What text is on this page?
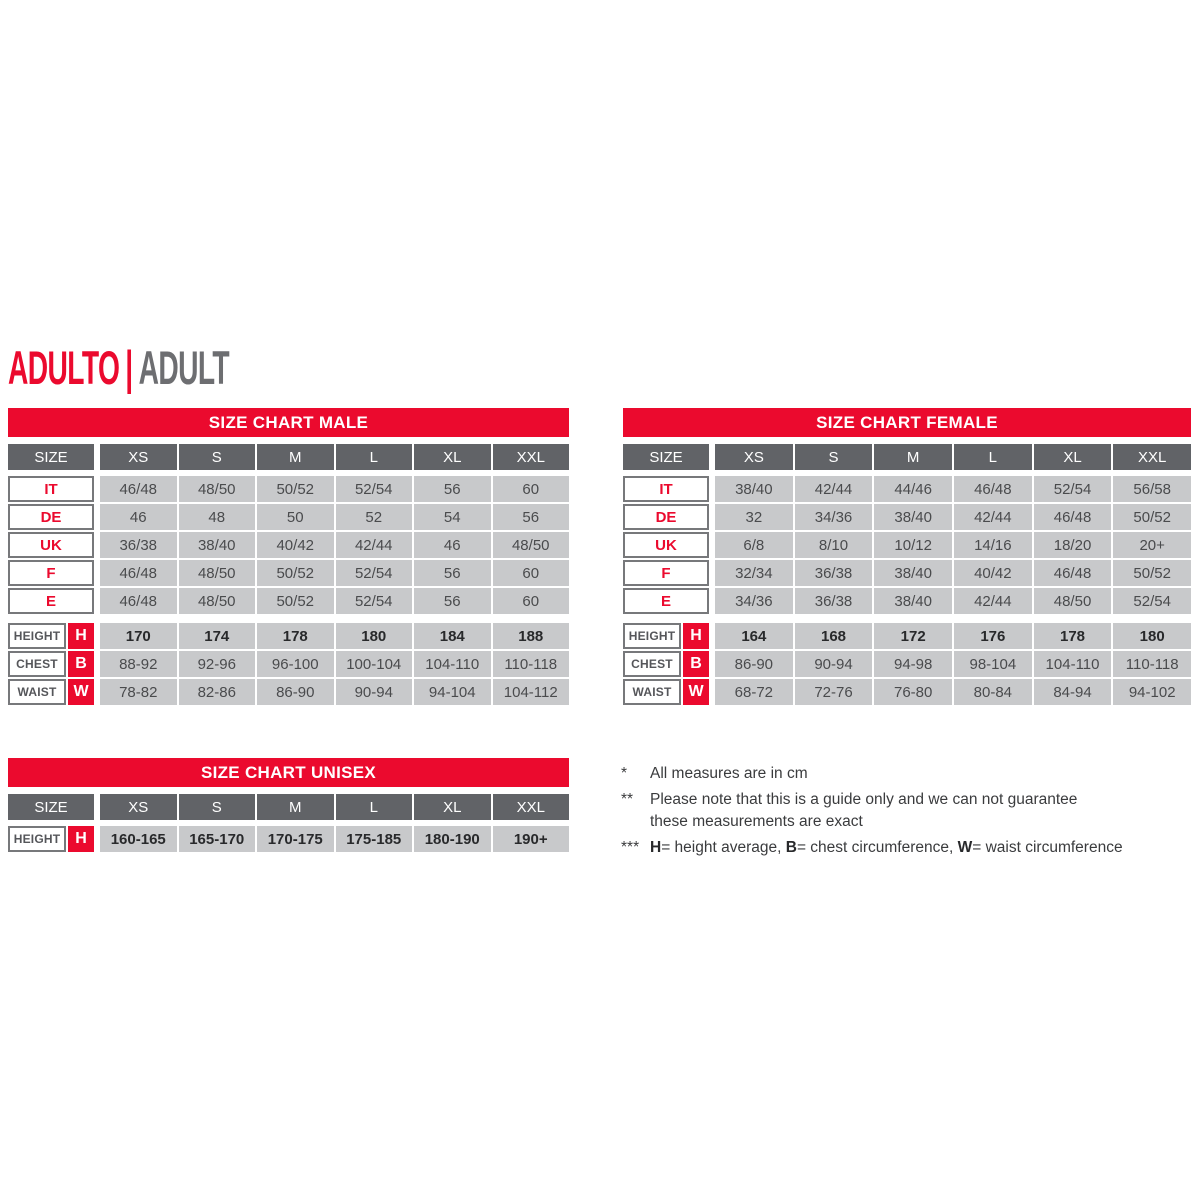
ADULTO | ADULT
SIZE CHART MALE
SIZE	XS	S	M	L	XL	XXL
IT	46/48	48/50	50/52	52/54	56	60
DE	46	48	50	52	54	56
UK	36/38	38/40	40/42	42/44	46	48/50
F	46/48	48/50	50/52	52/54	56	60
E	46/48	48/50	50/52	52/54	56	60
HEIGHT H	170	174	178	180	184	188
CHEST	B	88-92	92-96	96-100	100-104	104-110	110-118
WAIST	W	78-82	82-86	86-90	90-94	94-104	104-112
SIZE CHART FEMALE
SIZE	XS	S	M	L	XL	XXL
IT	38/40	42/44	44/46	46/48	52/54	56/58
DE	32	34/36	38/40	42/44	46/48	50/52
UK	6/8	8/10	10/12	14/16	18/20	20+
F	32/34	36/38	38/40	40/42	46/48	50/52
E	34/36	36/38	38/40	42/44	48/50	52/54
HEIGHT H	164	168	172	176	178	180
CHEST	B	86-90	90-94	94-98	98-104	104-110	110-118
WAIST	W	68-72	72-76	76-80	80-84	84-94	94-102
SIZE CHART UNISEX
SIZE	XS	S	M	L	XL	XXL
HEIGHT H	160-165	165-170	170-175	175-185	180-190	190+
*	All measures are in cm
**	Please note that this is a guide only and we can not guarantee
these measurements are exact
*** H= height average, B= chest circumference, W= waist circumference
